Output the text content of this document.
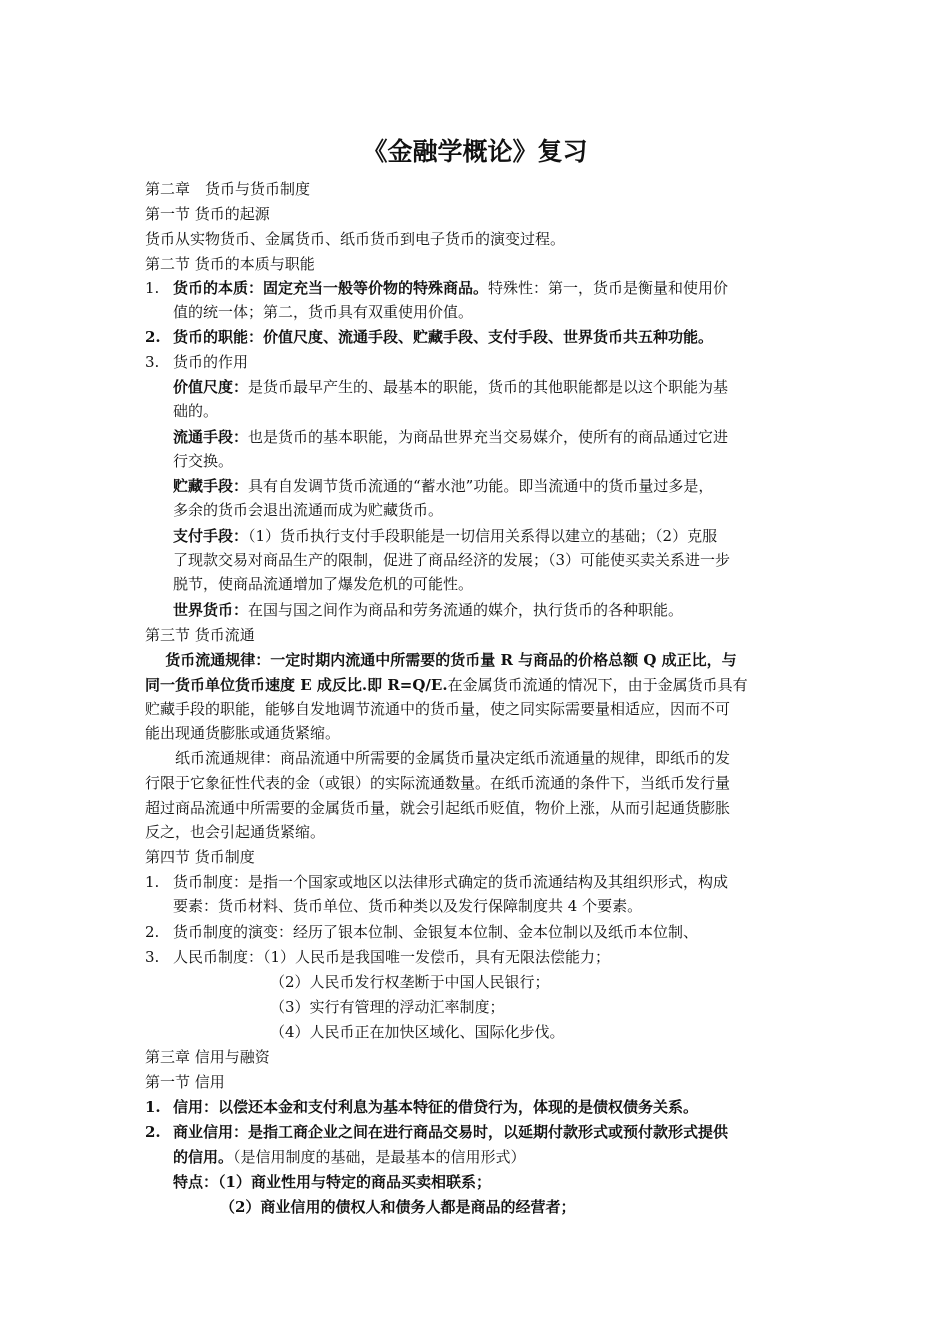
《金融学概论》复习
第二章　货币与货币制度
第一节 货币的起源
货币从实物货币、金属货币、纸币货币到电子货币的演变过程。
第二节 货币的本质与职能
1. 货币的本质：固定充当一般等价物的特殊商品。特殊性：第一，货币是衡量和使用价
值的统一体；第二，货币具有双重使用价值。
2. 货币的职能：价值尺度、流通手段、贮藏手段、支付手段、世界货币共五种功能。
3. 货币的作用
价值尺度：是货币最早产生的、最基本的职能，货币的其他职能都是以这个职能为基
础的。
流通手段：也是货币的基本职能，为商品世界充当交易媒介，使所有的商品通过它进
行交换。
贮藏手段：具有自发调节货币流通的“蓄水池”功能。即当流通中的货币量过多是，
多余的货币会退出流通而成为贮藏货币。
支付手段：（1）货币执行支付手段职能是一切信用关系得以建立的基础；（2）克服
了现款交易对商品生产的限制，促进了商品经济的发展；（3）可能使买卖关系进一步
脱节，使商品流通增加了爆发危机的可能性。
世界货币：在国与国之间作为商品和劳务流通的媒介，执行货币的各种职能。
第三节 货币流通
　 货币流通规律：一定时期内流通中所需要的货币量 R 与商品的价格总额 Q 成正比，与
同一货币单位货币速度 E 成反比.即 R=Q/E.在金属货币流通的情况下，由于金属货币具有
贮藏手段的职能，能够自发地调节流通中的货币量，使之同实际需要量相适应，因而不可
能出现通货膨胀或通货紧缩。
　　纸币流通规律：商品流通中所需要的金属货币量决定纸币流通量的规律，即纸币的发
行限于它象征性代表的金（或银）的实际流通数量。在纸币流通的条件下，当纸币发行量
超过商品流通中所需要的金属货币量，就会引起纸币贬值，物价上涨，从而引起通货膨胀
反之，也会引起通货紧缩。
第四节 货币制度
1. 货币制度：是指一个国家或地区以法律形式确定的货币流通结构及其组织形式，构成
要素：货币材料、货币单位、货币种类以及发行保障制度共 4 个要素。
2. 货币制度的演变：经历了银本位制、金银复本位制、金本位制以及纸币本位制、
3. 人民币制度：（1）人民币是我国唯一发偿币，具有无限法偿能力；
（2）人民币发行权垄断于中国人民银行；
（3）实行有管理的浮动汇率制度；
（4）人民币正在加快区域化、国际化步伐。
第三章 信用与融资
第一节 信用
1. 信用：以偿还本金和支付利息为基本特征的借贷行为，体现的是债权债务关系。
2. 商业信用：是指工商企业之间在进行商品交易时，以延期付款形式或预付款形式提供
的信用。（是信用制度的基础，是最基本的信用形式）
特点：（1）商业性用与特定的商品买卖相联系；
（2）商业信用的债权人和债务人都是商品的经营者；
